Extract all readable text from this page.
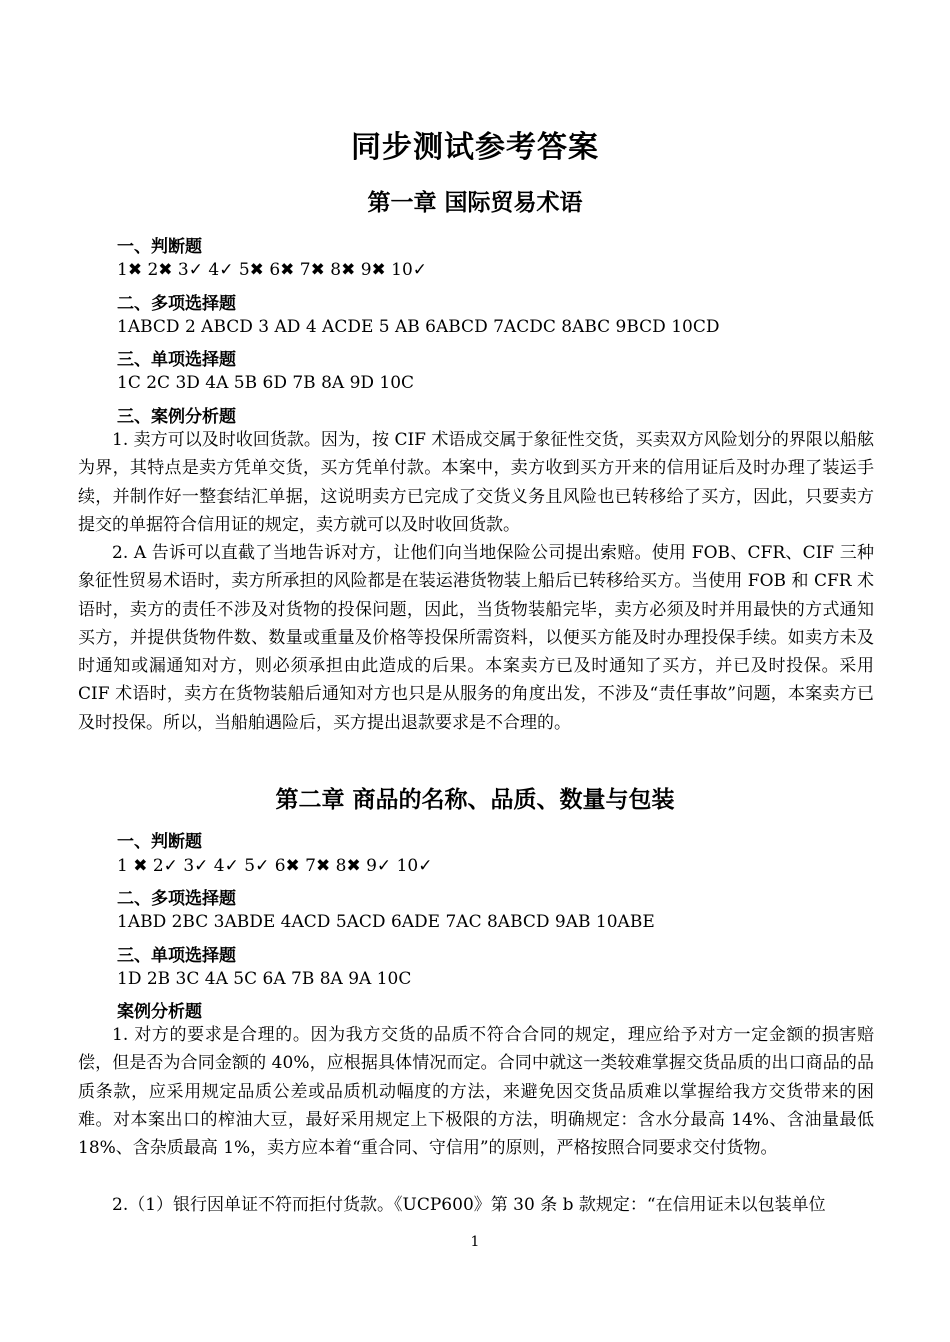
同步测试参考答案
第一章 国际贸易术语
一、判断题
1✖ 2✖ 3✓ 4✓ 5✖ 6✖ 7✖ 8✖ 9✖ 10✓
二、多项选择题
1ABCD 2 ABCD 3 AD 4 ACDE 5 AB 6ABCD 7ACDC 8ABC 9BCD 10CD
三、单项选择题
1C 2C 3D 4A 5B 6D 7B 8A 9D 10C
三、案例分析题

1. 卖方可以及时收回货款。因为，按 CIF 术语成交属于象征性交货，买卖双方风险划分的界限以船舷为界，其特点是卖方凭单交货，买方凭单付款。本案中，卖方收到买方开来的信用证后及时办理了装运手续，并制作好一整套结汇单据，这说明卖方已完成了交货义务且风险也已转移给了买方，因此，只要卖方提交的单据符合信用证的规定，卖方就可以及时收回货款。

2. A 告诉可以直截了当地告诉对方，让他们向当地保险公司提出索赔。使用 FOB、CFR、CIF 三种象征性贸易术语时，卖方所承担的风险都是在装运港货物装上船后已转移给买方。当使用 FOB 和 CFR 术语时，卖方的责任不涉及对货物的投保问题，因此，当货物装船完毕，卖方必须及时并用最快的方式通知买方，并提供货物件数、数量或重量及价格等投保所需资料，以便买方能及时办理投保手续。如卖方未及时通知或漏通知对方，则必须承担由此造成的后果。本案卖方已及时通知了买方，并已及时投保。采用 CIF 术语时，卖方在货物装船后通知对方也只是从服务的角度出发，不涉及“责任事故”问题，本案卖方已及时投保。所以，当船舶遇险后，买方提出退款要求是不合理的。

第二章 商品的名称、品质、数量与包装
一、判断题
1 ✖ 2✓ 3✓ 4✓ 5✓ 6✖ 7✖ 8✖ 9✓ 10✓
二、多项选择题
1ABD 2BC 3ABDE 4ACD 5ACD 6ADE 7AC 8ABCD 9AB 10ABE
三、单项选择题
1D 2B 3C 4A 5C 6A 7B 8A 9A 10C
案例分析题

1. 对方的要求是合理的。因为我方交货的品质不符合合同的规定，理应给予对方一定金额的损害赔偿，但是否为合同金额的 40%，应根据具体情况而定。合同中就这一类较难掌握交货品质的出口商品的品质条款，应采用规定品质公差或品质机动幅度的方法，来避免因交货品质难以掌握给我方交货带来的困难。对本案出口的榨油大豆，最好采用规定上下极限的方法，明确规定：含水分最高 14%、含油量最低 18%、含杂质最高 1%，卖方应本着“重合同、守信用”的原则，严格按照合同要求交付货物。

2.（1）银行因单证不符而拒付货款。《UCP600》第 30 条 b 款规定：“在信用证未以包装单位

1
